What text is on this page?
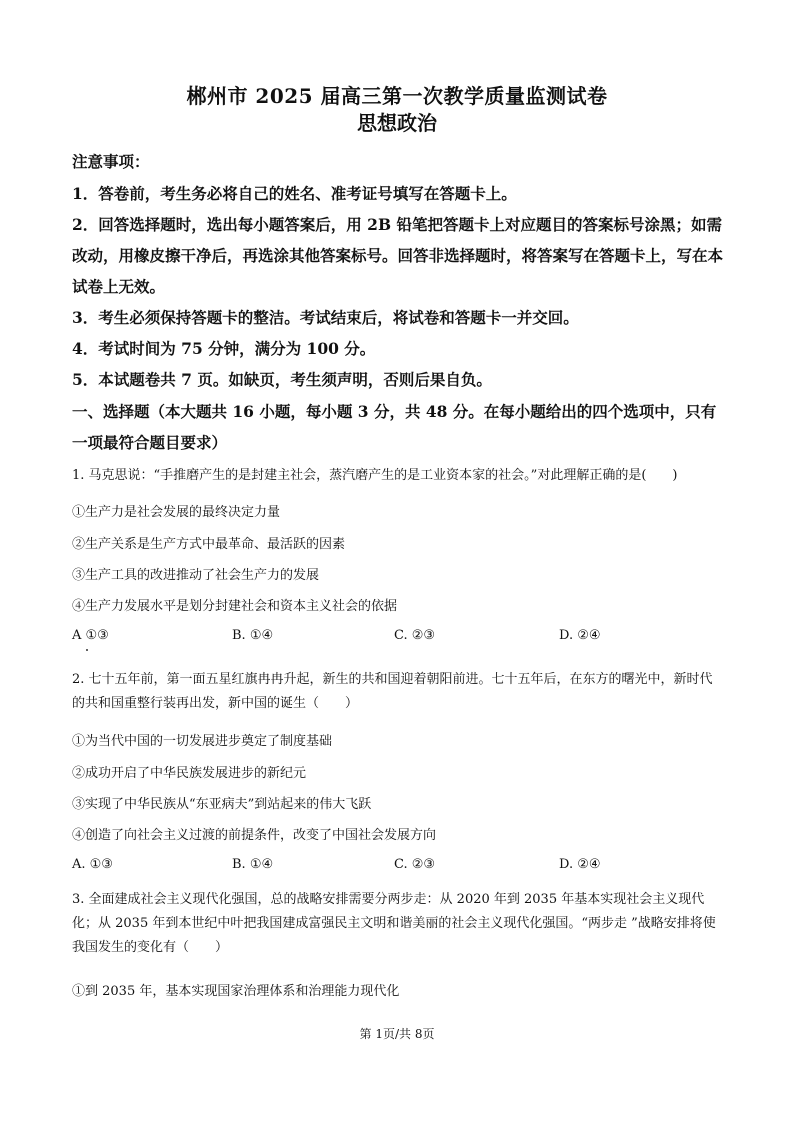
郴州市 2025 届高三第一次教学质量监测试卷
思想政治

注意事项：

1．答卷前，考生务必将自己的姓名、准考证号填写在答题卡上。

2．回答选择题时，选出每小题答案后，用 2B 铅笔把答题卡上对应题目的答案标号涂黑；如需改动，用橡皮擦干净后，再选涂其他答案标号。回答非选择题时，将答案写在答题卡上，写在本试卷上无效。

3．考生必须保持答题卡的整洁。考试结束后，将试卷和答题卡一并交回。

4．考试时间为 75 分钟，满分为 100 分。

5．本试题卷共 7 页。如缺页，考生须声明，否则后果自负。

一、选择题（本大题共 16 小题，每小题 3 分，共 48 分。在每小题给出的四个选项中，只有一项最符合题目要求）

1. 马克思说：“手推磨产生的是封建主社会，蒸汽磨产生的是工业资本家的社会。”对此理解正确的是(　　)

①生产力是社会发展的最终决定力量

②生产关系是生产方式中最革命、最活跃的因素

③生产工具的改进推动了社会生产力的发展

④生产力发展水平是划分封建社会和资本主义社会的依据

A ①③	B. ①④	C. ②③	D. ②④

2. 七十五年前，第一面五星红旗冉冉升起，新生的共和国迎着朝阳前进。七十五年后，在东方的曙光中，新时代的共和国重整行装再出发，新中国的诞生（　　）

①为当代中国的一切发展进步奠定了制度基础

②成功开启了中华民族发展进步的新纪元

③实现了中华民族从“东亚病夫”到站起来的伟大飞跃

④创造了向社会主义过渡的前提条件，改变了中国社会发展方向

A. ①③	B. ①④	C. ②③	D. ②④

3. 全面建成社会主义现代化强国，总的战略安排需要分两步走：从 2020 年到 2035 年基本实现社会主义现代化；从 2035 年到本世纪中叶把我国建成富强民主文明和谐美丽的社会主义现代化强国。“两步走 ”战略安排将使我国发生的变化有（　　）

①到 2035 年，基本实现国家治理体系和治理能力现代化

第 1页/共 8页
